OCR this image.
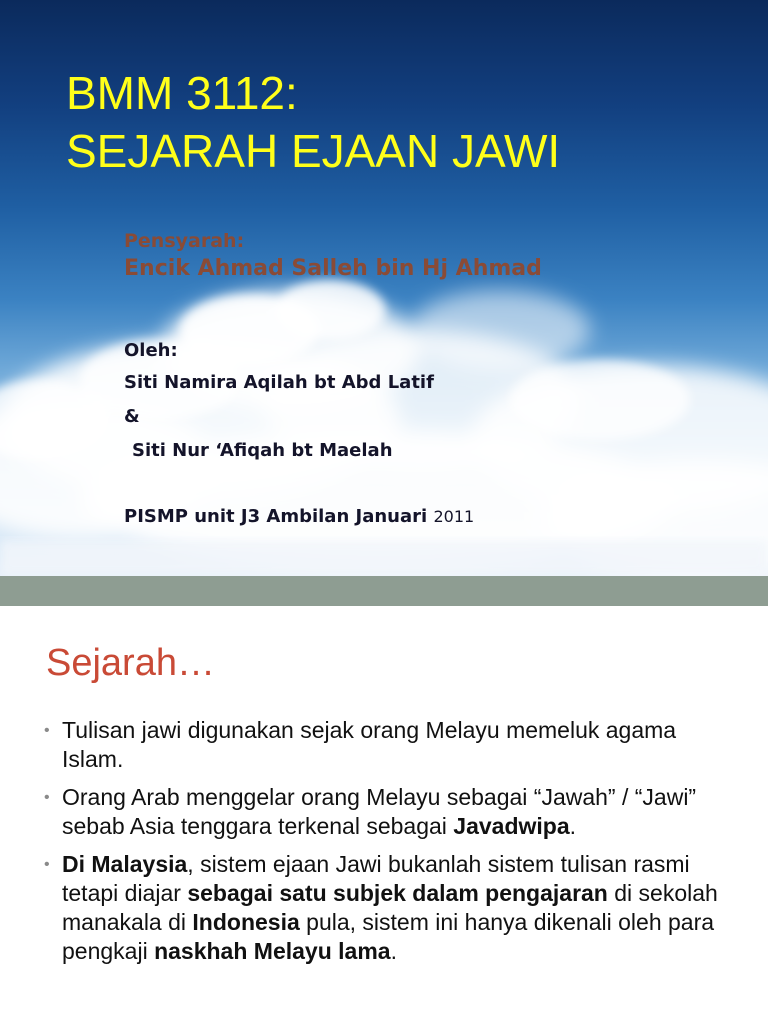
BMM 3112:
SEJARAH EJAAN JAWI
Pensyarah:
Encik Ahmad Salleh bin Hj Ahmad
Oleh:
Siti Namira Aqilah bt Abd Latif
&
Siti Nur ‘Afiqah bt Maelah
PISMP unit J3 Ambilan Januari 2011
Sejarah…
• Tulisan jawi digunakan sejak orang Melayu memeluk agama Islam.
• Orang Arab menggelar orang Melayu sebagai “Jawah” / “Jawi” sebab Asia tenggara terkenal sebagai Javadwipa.
• Di Malaysia, sistem ejaan Jawi bukanlah sistem tulisan rasmi tetapi diajar sebagai satu subjek dalam pengajaran di sekolah manakala di Indonesia pula, sistem ini hanya dikenali oleh para pengkaji naskhah Melayu lama.
